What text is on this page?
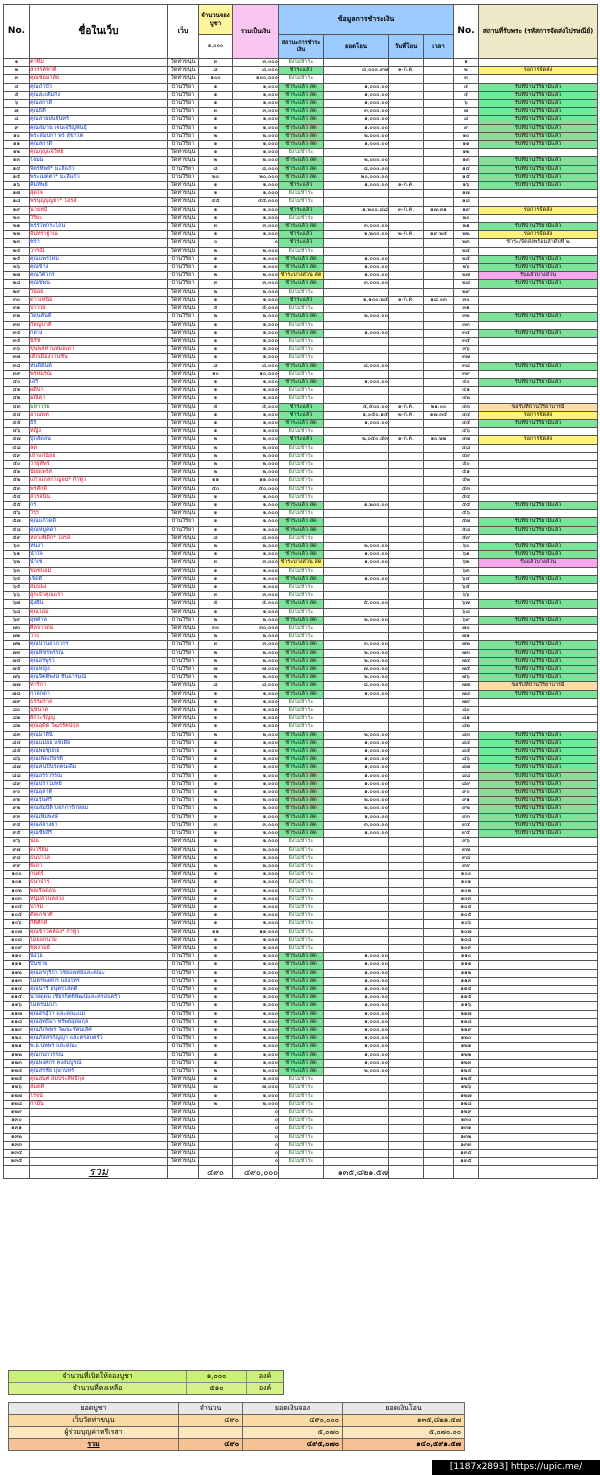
No.	ชื่อในเว็บ	เว็บ	จำนวนจองบูชา	รวมเป็นเงิน	ข้อมูลการชำระเงิน				No.	สถานที่รับพระ (รหัสการจัดส่งไปรษณีย์)
			๑,๐๐๐		สถานะการชำระเงิน	ยอดโอน	วันที่โอน	เวลา		
๑	ตาทิม	วัดท่าขนุน	๓	๓,๐๐๐	ยังไม่ชำระ				๑	
๒	สวรรค์ชาติ	วัดท่าขนุน	๘	๘,๐๐๐	ชำระแล้ว	๘,๐๐๐.๙๗	๑-ก.ค.		๒	รอการจัดส่ง
๓	คุณช่อมาลัย	วัดท่าขนุน	๑๐๐	๑๐๐,๐๐๐	ยังไม่ชำระ				๓	
๔	คุณถ้ำบัว	บ้านวีริยา	๑	๑,๐๐๐	ชำระแล้ว สด	๑,๐๐๐.๐๐			๔	รับที่บ้านวีริยามีแล้ว
๕	คุณฮะเต็มกิ่ง	บ้านวีริยา	๑	๑,๐๐๐	ชำระแล้ว สด	๑,๐๐๐.๐๐			๕	รับที่บ้านวีริยามีแล้ว
๖	คุณสกาดี	บ้านวีริยา	๑	๑,๐๐๐	ชำระแล้ว สด	๑,๐๐๐.๐๐			๖	รับที่บ้านวีริยามีแล้ว
๗	คุณธิตี	บ้านวีริยา	๓	๓,๐๐๐	ชำระแล้ว สด	๓,๐๐๐.๐๐			๗	รับที่บ้านวีริยามีแล้ว
๘	คุณสายฝนจันทร์	บ้านวีริยา	๑	๑,๐๐๐	ชำระแล้ว สด	๑,๐๐๐.๐๐			๘	รับที่บ้านวีริยามีแล้ว
๙	คุณสมาน เจนเจริญพันธุ์	บ้านวีริยา	๑	๑,๐๐๐	ชำระแล้ว สด	๑,๐๐๐.๐๐			๙	รับที่บ้านวีริยามีแล้ว
๑๐	พระสมปกา พร สุขาโต	บ้านวีริยา	๒	๒,๐๐๐	ชำระแล้ว สด	๒,๐๐๐.๐๐			๑๐	รับที่บ้านวีริยามีแล้ว
๑๑	คุณสกาดี	บ้านวีริยา	๑	๑,๐๐๐	ชำระแล้ว สด	๑,๐๐๐.๐๐			๑๑	รับที่บ้านวีริยามีแล้ว
๑๒	คุณกุญแจวิทย์	วัดท่าขนุน	๑	๑,๐๐๐	ยังไม่ชำระ				๑๒	
๑๓	โจมม	วัดท่าขนุน	๒	๒,๐๐๐	ชำระแล้ว สด	๒,๐๐๐.๐๐			๑๓	รับที่บ้านวีริยามีแล้ว
๑๔	จิตรทิพย์* มะลิแก้ว	บ้านวีริยา	๘	๘,๐๐๐	ชำระแล้ว สด	๘,๐๐๐.๐๐			๑๔	รับที่บ้านวีริยามีแล้ว
๑๕	พระเมตตา* มะลิแก้ว	บ้านวีริยา	๒๐	๒๐,๐๐๐	ชำระแล้ว สด	๒๐,๐๐๐.๐๐			๑๕	รับที่บ้านวีริยามีแล้ว
๑๖	คิมทัพย์	วัดท่าขนุน	๑	๑,๐๐๐	ชำระแล้ว	๑,๐๐๐.๐๐	๑-ก.ค.		๑๖	รับที่บ้านวีริยามีแล้ว
๑๗	สุดใจ	วัดท่าขนุน	๑	๑,๐๐๐	ยังไม่ชำระ				๑๗	
๑๘	พรนุญบุญยา* โอรส	วัดท่าขนุน	๔๕	๔๕,๐๐๐	ยังไม่ชำระ				๑๘	
๑๙	นายหมี	วัดท่าขนุน	๑	๑,๐๐๐	ชำระแล้ว	๑,๒๐๐.๘๘	๓-ก.ค.	๑๗.๓๑	๑๙	รอการจัดส่ง
๒๐	วิริยะ	วัดท่าขนุน	๑	๑,๐๐๐	ยังไม่ชำระ				๒๐	
๒๑	พรรไพ่กระโถน	วัดท่าขนุน	๓	๓,๐๐๐	ชำระแล้ว สด	๓,๐๐๐.๐๐			๒๑	รับที่บ้านวีริยามีแล้ว
๒๒	จันทราฐาณ	วัดท่าขนุน	๑	๑,๐๐๐	ชำระแล้ว	๑,๒๐๐.๐๐	๒-ก.ค.	๑๙.๒๕	๒๒	รอการจัดส่ง
๒๓	ชรา	วัดท่าขนุน	๐	๐	ชำระแล้ว				๒๓	ชำระ/จัดส่งพร้อมลำดับที่ ๒
๒๔	วารณี	วัดท่าขนุน	๒	๒,๐๐๐	ยังไม่ชำระ				๒๔	
๒๕	คุณแพรไหม	บ้านวีริยา	๑	๑,๐๐๐	ชำระแล้ว สด	๑,๐๐๐.๐๐			๒๕	รับที่บ้านวีริยามีแล้ว
๒๖	คุณข้าง	บ้านวีริยา	๑	๑,๐๐๐	ชำระแล้ว สด	๑,๐๐๐.๐๐			๒๖	รับที่บ้านวีริยามีแล้ว
๒๗	คุณวิศวกร	บ้านวีริยา	๒	๒,๐๐๐	ชำระบางส่วน สด	๑,๐๐๐.๐๐			๒๗	รับแล้วบางส่วน
๒๘	คุณชพน	บ้านวีริยา	๓	๓,๐๐๐	ชำระแล้ว สด	๓,๐๐๐.๐๐			๒๘	รับที่บ้านวีริยามีแล้ว
๒๙	วิน้อย	วัดท่าขนุน	๒	๒,๐๐๐	ยังไม่ชำระ				๒๙	
๓๐	ดาวเหนือ	วัดท่าขนุน	๑	๑,๐๐๐	ชำระแล้ว	๑,๑๐๐.๒๕	๑-ก.ค.	๑๘.๐๓	๓๐	
๓๑	ปาวไผ่	วัดท่าขนุน	๕	๕,๐๐๐	ยังไม่ชำระ				๓๑	
๓๒	วัดนคันดี	บ้านวีริยา	๒	๒,๐๐๐	ชำระแล้ว สด	๒,๐๐๐.๐๐			๓๒	รับที่บ้านวีริยามีแล้ว
๓๓	กัลญบาติ	วัดท่าขนุน	๑	๑,๐๐๐	ยังไม่ชำระ				๓๓	
๓๔	กลาง	วัดท่าขนุน	๑	๑,๐๐๐	ชำระแล้ว สด	๑,๐๐๐.๐๐			๓๔	รับที่บ้านวีริยามีแล้ว
๓๕	นิรัช	วัดท่าขนุน	๑	๑,๐๐๐	ยังไม่ชำระ				๓๕	
๓๖	ขุนพลท่านหมอเดา	วัดท่าขนุน	๑	๑,๐๐๐	ยังไม่ชำระ				๓๖	
๓๗	เด็กเมืองวานชั้น	วัดท่าขนุน	๑	๑,๐๐๐	ยังไม่ชำระ				๓๗	
๓๘	หนดีดันต์	วัดท่าขนุน	๘	๘,๐๐๐	ชำระแล้ว สด	๘,๐๐๐.๐๐			๓๘	รับที่บ้านวีริยามีแล้ว
๓๙	พรหมรณ	วัดท่าขนุน	๑๐	๑๐,๐๐๐	ยังไม่ชำระ				๓๙	
๔๐	เอรี่	วัดท่าขนุน	๑	๑,๐๐๐	ชำระแล้ว สด	๑,๐๐๐.๐๐			๔๐	รับที่บ้านวีริยามีแล้ว
๔๑	ผดีนา	วัดท่าขนุน	๑	๑,๐๐๐	ยังไม่ชำระ				๔๑	
๔๒	มณิดา	วัดท่าขนุน	๑	๑,๐๐๐	ยังไม่ชำระ				๔๒	
๔๓	มหาวรย	วัดท่าขนุน	๕	๕,๐๐๐	ชำระแล้ว	๕,๕๐๐.๐๐	๑-ก.ค.	๒๑.๐๐	๔๓	ขอรับที่บ้านวีริยาบารมี
๔๔	อาณพท	วัดท่าขนุน	๑	๑,๐๐๐	ชำระแล้ว	๑,๐๕๐.๑๕	๒-ก.ค.	๑๗.๓๕	๔๔	รอการจัดส่ง
๔๕	ธีร์	วัดท่าขนุน	๑	๑,๐๐๐	ชำระแล้ว สด	๑,๐๐๐.๐๐			๔๕	รับที่บ้านวีริยามีแล้ว
๔๖	หญิง	วัดท่าขนุน	๑	๑,๐๐๐	ยังไม่ชำระ				๔๖	
๔๗	ปุ๊กลัดลน	วัดท่าขนุน	๒	๒,๐๐๐	ชำระแล้ว	๒,๐๕๐.๕๓	๑-ก.ค.	๑๐.๒๒	๔๗	รอการจัดส่ง
๔๘	ลด	วัดท่าขนุน	๒	๒,๐๐๐	ยังไม่ชำระ				๔๘	
๔๙	เถ้าแก่น้อย	วัดท่าขนุน	๒	๒,๐๐๐	ยังไม่ชำระ				๔๙	
๕๐	วายุทัพร	วัดท่าขนุน	๒	๒,๐๐๐	ยังไม่ชำระ				๕๐	
๕๑	นัยยเพรส	วัดท่าขนุน	๒	๒,๐๐๐	ยังไม่ชำระ				๕๑	
๕๒	แก้วแกลกาญจน์* กำพู้ว	วัดท่าขนุน	๑๑	๑๑,๐๐๐	ยังไม่ชำระ				๕๒	
๕๓	พรศักดิ์	วัดท่าขนุน	๕๐	๕๐,๐๐๐	ยังไม่ชำระ				๕๓	
๕๔	สโรจนิน	วัดท่าขนุน	๑	๑,๐๐๐	ยังไม่ชำระ				๕๔	
๕๕	กร	วัดท่าขนุน	๑	๑,๐๐๐	ชำระแล้ว สด	๑,๒๐๐.๐๐			๕๕	รับที่บ้านวีริยามีแล้ว
๕๖	วิรุร	วัดท่าขนุน	๑	๑,๐๐๐	ยังไม่ชำระ				๕๖	
๕๗	คุณแก้วดดี	บ้านวีริยา	๑	๑,๐๐๐	ชำระแล้ว สด				๕๗	รับที่บ้านวีริยามีแล้ว
๕๘	คุณหมูคดา	บ้านวีริยา	๑	๑,๐๐๐	ชำระแล้ว สด				๕๘	รับที่บ้านวีริยามีแล้ว
๕๙	หลวงพิดิก* โอรส	วัดท่าขนุน	๘	๘,๐๐๐	ยังไม่ชำระ				๕๙	
๖๐	หนงา	วัดท่าขนุน	๒	๒,๐๐๐	ชำระแล้ว สด	๒,๐๐๐.๐๐			๖๐	รับที่บ้านวีริยามีแล้ว
๖๑	น้ำใจ	วัดท่าขนุน	๑	๑,๐๐๐	ชำระแล้ว สด	๑,๐๐๐.๐๐			๖๑	รับที่บ้านวีริยามีแล้ว
๖๒	น้ำเช	วัดท่าขนุน	๓	๓,๐๐๐	ชำระบางส่วน สด	๑,๐๐๐.๐๐			๖๒	รับแล้วบางส่วน
๖๓	ช่อชบอม	วัดท่าขนุน	๑	๑,๐๐๐	ยังไม่ชำระ				๖๓	
๖๔	เจ็ดดี	วัดท่าขนุน	๑	๑,๐๐๐	ชำระแล้ว สด	๑,๐๐๐.๐๐			๖๔	รับที่บ้านวีริยามีแล้ว
๖๕	สมปอง	วัดท่าขนุน	๑	๑,๐๐๐	ยังไม่ชำระ				๖๕	
๖๖	ลูกเจ้าคุณแรา	วัดท่าขนุน	๓	๓,๐๐๐	ยังไม่ชำระ				๖๖	
๖๗	มุ้งฝัน	วัดท่าขนุน	๕	๕,๐๐๐	ชำระแล้ว สด	๕,๐๐๐.๐๐			๖๗	รับที่บ้านวีริยามีแล้ว
๖๘	คุณโอม	วัดท่าขนุน	๑	๑,๐๐๐	ยังไม่ชำระ				๖๘	
๖๙	อุทศาล	บ้านวีริยา	๒	๒,๐๐๐	ชำระแล้ว สด	๒,๐๐๐.๐๐			๖๙	รับที่บ้านวีริยามีแล้ว
๗๐	ศิลจาวดม	วัดท่าขนุน	๓๐	๓๐,๐๐๐	ยังไม่ชำระ				๗๐	
๗๑	วาง	วัดท่าขนุน	๒	๒,๐๐๐	ยังไม่ชำระ				๗๑	
๗๒	คุณปานอาภากร	บ้านวีริยา	๓	๓,๐๐๐	ชำระแล้ว สด	๓,๐๐๐.๐๐			๗๒	รับที่บ้านวีริยามีแล้ว
๗๓	คุณพัชรพรรณ	บ้านวีริยา	๒	๒,๐๐๐	ชำระแล้ว สด	๒,๐๐๐.๐๐			๗๓	รับที่บ้านวีริยามีแล้ว
๗๔	คุณอรพูรว	บ้านวีริยา	๒	๒,๐๐๐	ชำระแล้ว สด	๒,๐๐๐.๐๐			๗๔	รับที่บ้านวีริยามีแล้ว
๗๕	คุณหญ้ง	บ้านวีริยา	๗	๗,๐๐๐	ชำระแล้ว สด	๗,๐๐๐.๐๐			๗๕	รับที่บ้านวีริยามีแล้ว
๗๖	คุณจิตติพงษ์ ชั้นอารมณ์	บ้านวีริยา	๒	๒,๐๐๐	ชำระแล้ว สด	๒,๐๐๐.๐๐			๗๖	รับที่บ้านวีริยามีแล้ว
๗๗	ทาริกา	วัดท่าขนุน	๘	๘,๐๐๐	ชำระแล้ว สด	๘,๐๐๐.๐๐			๗๗	ขอรับที่บ้านวีริยาบารมี
๗๘	กาลกดา	วัดท่าขนุน	๑	๑,๐๐๐	ชำระแล้ว สด	๑,๐๐๐.๐๐			๗๘	รับที่บ้านวีริยามีแล้ว
๗๙	ธรรมราล	วัดท่าขนุน	๑	๑,๐๐๐	ยังไม่ชำระ				๗๙	
๘๐	นุชนาค	วัดท่าขนุน	๑	๑,๐๐๐	ยังไม่ชำระ				๘๐	
๘๑	ผักวะรัญญู	วัดท่าขนุน	๑	๑,๐๐๐	ยังไม่ชำระ				๘๑	
๘๒	คุณอุดิ์ต วัฒรรัตน์กุล	วัดท่าขนุน	๑	๑,๐๐๐	ยังไม่ชำระ				๘๒	
๘๓	คุณมาลีนี	บ้านวีริยา	๒	๒,๐๐๐	ชำระแล้ว สด	๒,๐๐๐.๐๐			๘๓	รับที่บ้านวีริยามีแล้ว
๘๔	คุณแม่ออ แซ่เดีย	บ้านวีริยา	๑	๑,๐๐๐	ชำระแล้ว สด	๑,๐๐๐.๐๐			๘๔	รับที่บ้านวีริยามีแล้ว
๘๕	คุณพ่อชุปกย	บ้านวีริยา	๑	๑,๐๐๐	ชำระแล้ว สด	๑,๐๐๐.๐๐			๘๕	รับที่บ้านวีริยามีแล้ว
๘๖	คุณเพิดเกียรติ	บ้านวีริยา	๑	๑,๐๐๐	ชำระแล้ว สด	๑,๐๐๐.๐๐			๘๖	รับที่บ้านวีริยามีแล้ว
๘๗	คุณคนปั่นรถคนเดิม	บ้านวีริยา	๑	๑,๐๐๐	ชำระแล้ว สด	๑,๐๐๐.๐๐			๘๗	รับที่บ้านวีริยามีแล้ว
๘๘	คุณอรรวรรณ	บ้านวีริยา	๑	๑,๐๐๐	ชำระแล้ว สด	๑,๐๐๐.๐๐			๘๘	รับที่บ้านวีริยามีแล้ว
๘๙	คุณปราโมทย์	บ้านวีริยา	๑	๑,๐๐๐	ชำระแล้ว สด	๑,๐๐๐.๐๐			๘๙	รับที่บ้านวีริยามีแล้ว
๙๐	คุณอุลาติ	บ้านวีริยา	๑	๑,๐๐๐	ชำระแล้ว สด	๑,๐๐๐.๐๐			๙๐	รับที่บ้านวีริยามีแล้ว
๙๑	คุณรุ่นศรี	บ้านวีริยา	๒	๒,๐๐๐	ชำระแล้ว สด	๒,๐๐๐.๐๐			๙๑	รับที่บ้านวีริยามีแล้ว
๙๒	คุณสมบัติ บจกก่ารักษ์ลม	บ้านวีริยา	๒	๒,๐๐๐	ชำระแล้ว สด	๒,๐๐๐.๐๐			๙๒	รับที่บ้านวีริยามีแล้ว
๙๓	คุณเพิ่มพงษ์	บ้านวีริยา	๑	๑,๐๐๐	ชำระแล้ว สด	๑,๐๐๐.๐๐			๙๓	รับที่บ้านวีริยามีแล้ว
๙๔	คุณสลางยา	บ้านวีริยา	๓	๓,๐๐๐	ชำระแล้ว สด	๓,๐๐๐.๐๐			๙๔	รับที่บ้านวีริยามีแล้ว
๙๕	คุณชัยสิริ	บ้านวีริยา	๑	๑,๐๐๐	ชำระแล้ว สด	๑,๐๐๐.๐๐			๙๕	รับที่บ้านวีริยามีแล้ว
๙๖	นณ	วัดท่าขนุน	๑	๑,๐๐๐	ยังไม่ชำระ				๙๖	
๙๗	ดเวริย์ม	วัดท่าขนุน	๒	๒,๐๐๐	ยังไม่ชำระ				๙๗	
๙๘	ธนปาโล	วัดท่าขนุน	๑	๑,๐๐๐	ยังไม่ชำระ				๙๘	
๙๙	พีเลา	วัดท่าขนุน	๒	๒,๐๐๐	ยังไม่ชำระ				๙๙	
๑๐๐	กนตร์	วัดท่าขนุน	๑	๑,๐๐๐	ยังไม่ชำระ				๑๐๐	
๑๐๑	ธนาธาร	วัดท่าขนุน	๑	๑,๐๐๐	ยังไม่ชำระ				๑๐๑	
๑๐๒	พ่อเรือดอน	วัดท่าขนุน	๑	๑,๐๐๐	ยังไม่ชำระ				๑๐๒	
๑๐๓	หนุ่มสวนหลวง	วัดท่าขนุน	๑	๑,๐๐๐	ยังไม่ชำระ				๑๐๓	
๑๐๔	ปารม	วัดท่าขนุน	๑	๑,๐๐๐	ยังไม่ชำระ				๑๐๔	
๑๐๕	ดีดเกชาติ	วัดท่าขนุน	๑	๑,๐๐๐	ยังไม่ชำระ				๑๐๕	
๑๐๖	กิติศักดิ์	วัดท่าขนุน	๑	๑,๐๐๐	ยังไม่ชำระ				๑๐๖	
๑๐๗	คุณข้าวคล้อง* กำพู้ว	วัดท่าขนุน	๑๑	๑๑,๐๐๐	ยังไม่ชำระ				๑๐๗	
๑๐๘	ไม่ออกนาม	วัดท่าขนุน	๑	๑,๐๐๐	ยังไม่ชำระ				๑๐๘	
๑๐๙	ชุดงามย์	วัดท่าขนุน	๑	๑,๐๐๐	ยังไม่ชำระ				๑๐๙	
๑๑๐	นังโอ	บ้านวีริยา	๑	๑,๐๐๐	ชำระแล้ว สด	๑,๐๐๐.๐๐			๑๑๐	
๑๑๑	ปิ่นชาย	บ้านวีริยา	๑	๑,๐๐๐	ชำระแล้ว สด	๑,๐๐๐.๐๐			๑๑๑	
๑๑๒	คุณอรกุรีก่า ไชยแพทย์และคณะ	บ้านวีริยา	๑	๑,๐๐๐	ชำระแล้ว สด	๑,๐๐๐.๐๐			๑๑๒	
๑๑๓	ไมตรพงศกร แสงไทร	บ้านวีริยา	๑	๑,๐๐๐	ชำระแล้ว สด	๑,๐๐๐.๐๐			๑๑๓	
๑๑๔	คุณนารี อนุตรโสดดี	บ้านวีริยา	๑	๑,๐๐๐	ชำระแล้ว สด	๑,๐๐๐.๐๐			๑๑๔	
๑๑๕	นายดุดม เชียรกิตติพัฒน์และครอบครัว	บ้านวีริยา	๑	๑,๐๐๐	ชำระแล้ว สด	๑,๐๐๐.๐๐			๑๑๕	
๑๑๖	ไมตรนมปา	บ้านวีริยา	๑	๑,๐๐๐	ชำระแล้ว สด	๑,๐๐๐.๐๐			๑๑๖	
๑๑๗	คุณฮรอุ๋วา และคณะแม่	บ้านวีริยา	๑	๑,๐๐๐	ชำระแล้ว สด	๑,๐๐๐.๐๐			๑๑๗	
๑๑๘	คุณสุทธิมา ทรัพย์อุดมกุล	บ้านวีริยา	๑	๑,๐๐๐	ชำระแล้ว สด	๑,๐๐๐.๐๐			๑๑๘	
๑๑๙	คุณภิภพพร วัฒนะรัตนเลิศ	บ้านวีริยา	๑	๑,๐๐๐	ชำระแล้ว สด	๑,๐๐๐.๐๐			๑๑๙	
๑๒๐	คุณภัสสรกัญญา และครอบครัว	บ้านวีริยา	๑	๑,๐๐๐	ชำระแล้ว สด	๑,๐๐๐.๐๐			๑๒๐	
๑๒๑	พ.อ.นพพร และคณะ	บ้านวีริยา	๑	๑,๐๐๐	ชำระแล้ว สด	๑,๐๐๐.๐๐			๑๒๑	
๑๒๒	คุณกนกวรรณ	บ้านวีริยา	๑	๑,๐๐๐	ชำระแล้ว สด	๑,๐๐๐.๐๐			๑๒๒	
๑๒๓	คุณพงศกร คงสมบูรณ์	บ้านวีริยา	๑	๑,๐๐๐	ชำระแล้ว สด	๑,๐๐๐.๐๐			๑๒๓	
๑๒๔	คุณสรชัย บุษาบทร์	บ้านวีริยา	๒	๒,๐๐๐	ชำระแล้ว สด	๒,๐๐๐.๐๐			๑๒๔	
๑๒๕	คุณสมศ สมประสิทธิ์กุล	วัดท่าขนุน	๑	๑,๐๐๐	ยังไม่ชำระ				๑๒๕	
๑๒๖	สมดดี	วัดท่าขนุน	๗	๗,๐๐๐	ยังไม่ชำระ				๑๒๖	
๑๒๗	โรจน์	วัดท่าขนุน	๑	๑,๐๐๐	ยังไม่ชำระ				๑๒๗	
๑๒๘	ก่ามัน	วัดท่าขนุน	๒	๒,๐๐๐	ยังไม่ชำระ				๑๒๘	
๑๒๙		วัดท่าขนุน		๐	ยังไม่ชำระ				๑๒๙	
๑๓๐		วัดท่าขนุน		๐	ยังไม่ชำระ				๑๓๐	
๑๓๑		วัดท่าขนุน		๐	ยังไม่ชำระ				๑๓๑	
๑๓๒		วัดท่าขนุน		๐	ยังไม่ชำระ				๑๓๒	
๑๓๓		วัดท่าขนุน		๐	ยังไม่ชำระ				๑๓๓	
๑๓๔		วัดท่าขนุน		๐	ยังไม่ชำระ				๑๓๔	
๑๓๕		วัดท่าขนุน		๐	ยังไม่ชำระ				๑๓๕	
	รวม		๔๙๐	๔๙๐,๐๐๐		๑๓๕,๘๒๑.๕๗				
จำนวนที่เปิดให้จองบูชา	๑,๐๐๐	องค์
จำนวนที่คงเหลือ	๕๑๐	องค์
ยอดบูชา	จำนวน	ยอดเงินจอง	ยอดเงินโอน
เว็บวัดท่าขนุน	๔๙๐	๔๙๐,๐๐๐	๑๓๕,๘๒๑.๕๗
ผู้ร่วมบุญค่าทรีเรสา		๕,๐๗๐	๕,๐๗๐.๐๐
รวม	๔๙๐	๔๙๕,๐๗๐	๑๔๐,๕๙๑.๕๗
[1187x2893] https://upic.me/
